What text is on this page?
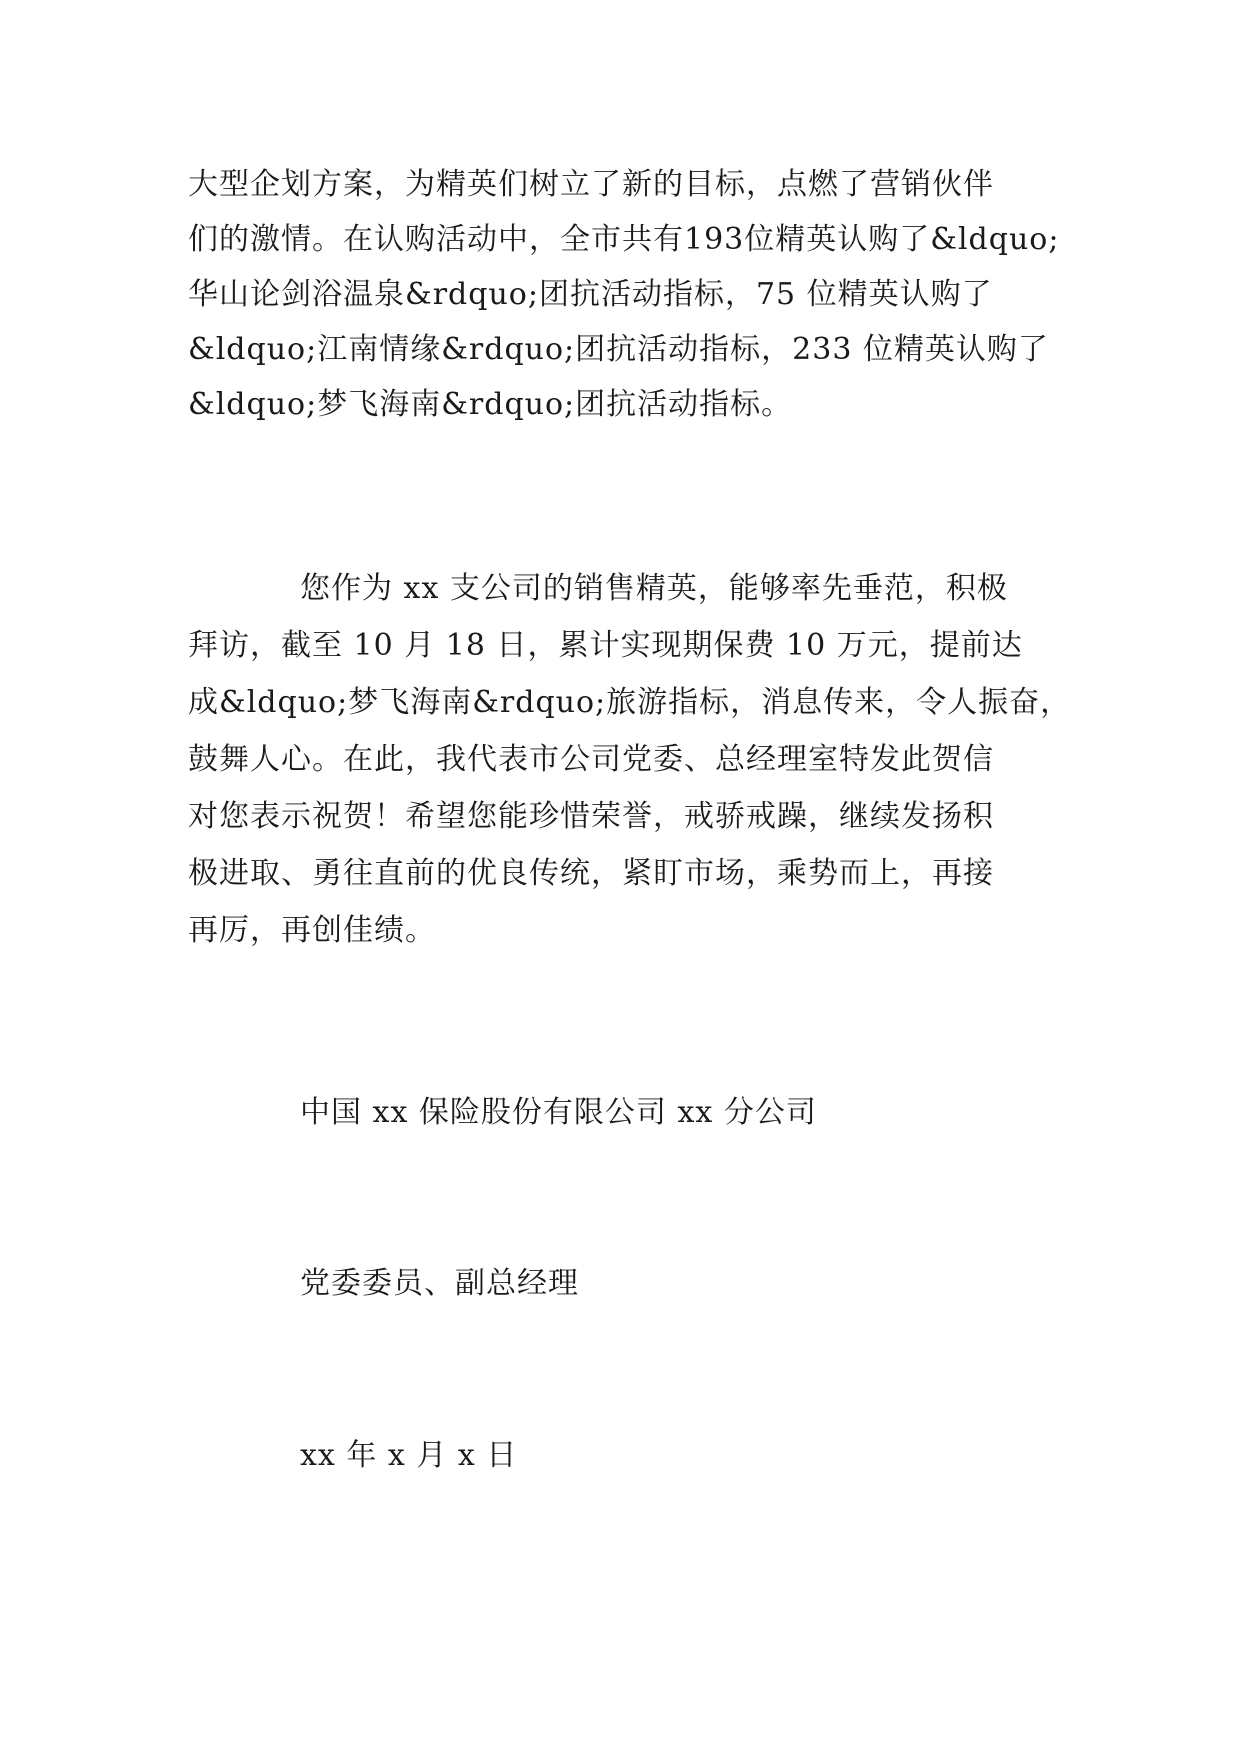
大型企划方案，为精英们树立了新的目标，点燃了营销伙伴
们的激情。在认购活动中，全市共有193位精英认购了&ldquo;
华山论剑浴温泉&rdquo;团抗活动指标，75 位精英认购了
&ldquo;江南情缘&rdquo;团抗活动指标，233 位精英认购了
&ldquo;梦飞海南&rdquo;团抗活动指标。
您作为 xx 支公司的销售精英，能够率先垂范，积极
拜访，截至 10 月 18 日，累计实现期保费 10 万元，提前达
成&ldquo;梦飞海南&rdquo;旅游指标，消息传来，令人振奋，
鼓舞人心。在此，我代表市公司党委、总经理室特发此贺信
对您表示祝贺！希望您能珍惜荣誉，戒骄戒躁，继续发扬积
极进取、勇往直前的优良传统，紧盯市场，乘势而上，再接
再厉，再创佳绩。
中国 xx 保险股份有限公司 xx 分公司
党委委员、副总经理
xx 年 x 月 x 日
